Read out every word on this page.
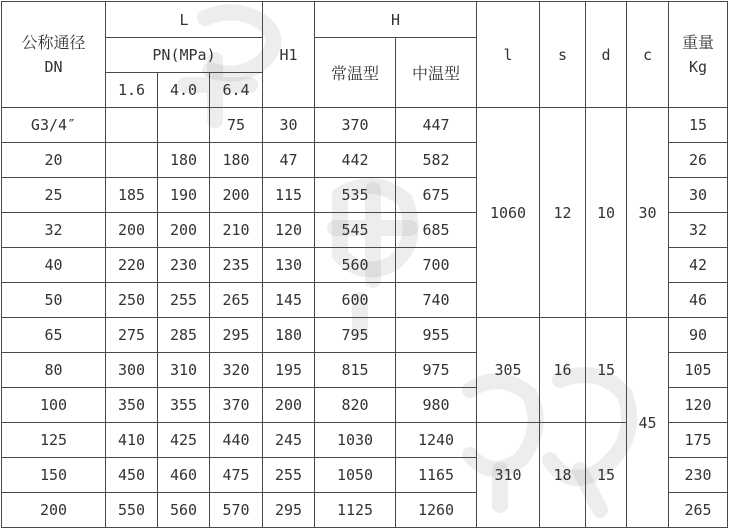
公称通径
DN	L			H1	H		l	s	d	c	重量
Kg

	PN(MPa)				常温型	中温型					
	1.6	4.0	6.4								
G3/4″			75	30	370	447	1060	12	10	30	15
20		180	180	47	442	582					26
25	185	190	200	115	535	675					30
32	200	200	210	120	545	685					32
40	220	230	235	130	560	700					42
50	250	255	265	145	600	740					46
65	275	285	295	180	795	955	305	16	15	45	90
80	300	310	320	195	815	975					105
100	350	355	370	200	820	980					120
125	410	425	440	245	1030	1240	310	18	15		175
150	450	460	475	255	1050	1165					230
200	550	560	570	295	1125	1260					265
